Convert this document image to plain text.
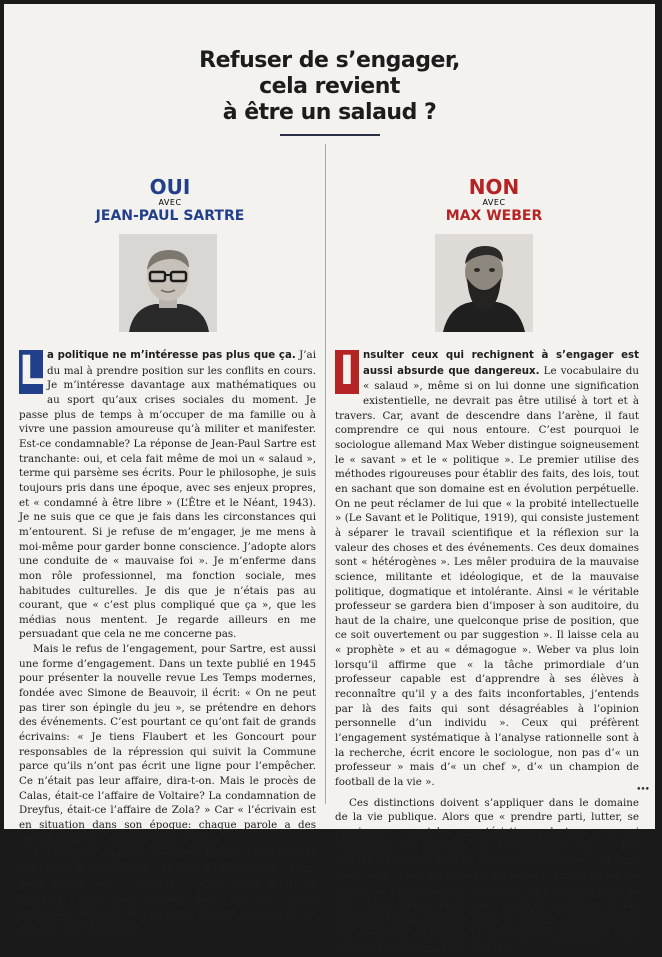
Refuser de s’engager,
cela revient
à être un salaud ?
OUI
AVEC
JEAN-PAUL SARTRE
NON
AVEC
MAX WEBER

L a politique ne m’intéresse pas plus que ça. J’ai du mal à prendre position sur les conflits en cours. Je m’intéresse davantage aux mathématiques ou au sport qu’aux crises sociales du moment. Je passe plus de temps à m’occuper de ma famille ou à vivre une passion amoureuse qu’à militer et manifester. Est-ce condamnable? La réponse de Jean-Paul Sartre est tranchante: oui, et cela fait même de moi un « salaud », terme qui parsème ses écrits. Pour le philosophe, je suis toujours pris dans une époque, avec ses enjeux propres, et « condamné à être libre » (L’Être et le Néant, 1943). Je ne suis que ce que je fais dans les circonstances qui m’entourent. Si je refuse de m’engager, je me mens à moi-même pour garder bonne conscience. J’adopte alors une conduite de « mauvaise foi ». Je m’enferme dans mon rôle professionnel, ma fonction sociale, mes habitudes culturelles. Je dis que je n’étais pas au courant, que « c’est plus compliqué que ça », que les médias nous mentent. Je regarde ailleurs en me persuadant que cela ne me concerne pas.

Mais le refus de l’engagement, pour Sartre, est aussi une forme d’engagement. Dans un texte publié en 1945 pour présenter la nouvelle revue Les Temps modernes, fondée avec Simone de Beauvoir, il écrit: « On ne peut pas tirer son épingle du jeu », se prétendre en dehors des événements. C’est pourtant ce qu’ont fait de grands écrivains: « Je tiens Flaubert et les Goncourt pour responsables de la répression qui suivit la Commune parce qu’ils n’ont pas écrit une ligne pour l’empêcher. Ce n’était pas leur affaire, dira-t-on. Mais le procès de Calas, était-ce l’affaire de Voltaire? La condamnation de Dreyfus, était-ce l’affaire de Zola? » Car « l’écrivain est en situation dans son époque: chaque parole a des retentissements. Chaque silence aussi ».

Si l’honnête employé, l’esthète distant, l’observateur qui refuse de se mouiller – et donc de se tromper – sont, pour Sartre, des « salauds », c’est parce qu’ils se réfugient dans une essence fixe, un rôle social immuable. Refuser de s’engager devient un déni de ce qui fait notre humanité.

I nsulter ceux qui rechignent à s’engager est aussi absurde que dangereux. Le vocabulaire du « salaud », même si on lui donne une signification existentielle, ne devrait pas être utilisé à tort et à travers. Car, avant de descendre dans l’arène, il faut comprendre ce qui nous entoure. C’est pourquoi le sociologue allemand Max Weber distingue soigneusement le « savant » et le « politique ». Le premier utilise des méthodes rigoureuses pour établir des faits, des lois, tout en sachant que son domaine est en évolution perpétuelle. On ne peut réclamer de lui que « la probité intellectuelle » (Le Savant et le Politique, 1919), qui consiste justement à séparer le travail scientifique et la réflexion sur la valeur des choses et des événements. Ces deux domaines sont « hétérogènes ». Les mêler produira de la mauvaise science, militante et idéologique, et de la mauvaise politique, dogmatique et intolérante. Ainsi « le véritable professeur se gardera bien d’imposer à son auditoire, du haut de la chaire, une quelconque prise de position, que ce soit ouvertement ou par suggestion ». Il laisse cela au « prophète » et au « démagogue ». Weber va plus loin lorsqu’il affirme que « la tâche primordiale d’un professeur capable est d’apprendre à ses élèves à reconnaître qu’il y a des faits inconfortables, j’entends par là des faits qui sont désagréables à l’opinion personnelle d’un individu ». Ceux qui préfèrent l’engagement systématique à l’analyse rationnelle sont à la recherche, écrit encore le sociologue, non pas d’« un professeur » mais d’« un chef », d’« un champion de football de la vie ».

Ces distinctions doivent s’appliquer dans le domaine de la vie publique. Alors que « prendre parti, lutter, se passionner » sont les caractéristiques de tous ceux qui s’engagent en politique, le fonctionnaire, lui, « doit administrer, avant tout de façon non partisane » et sans parti pris. Ceci n’empêche nullement l’intellectuel, le savant, le fonctionnaire, l’employé, de s’engager dans la cité. Max Weber était, par exemple, partisan d’une Allemagne démocratique. Mais il séparait soigneusement son œuvre de sociologue et ses activités publiques. Sans se considérer comme un « salaud ».

•••
